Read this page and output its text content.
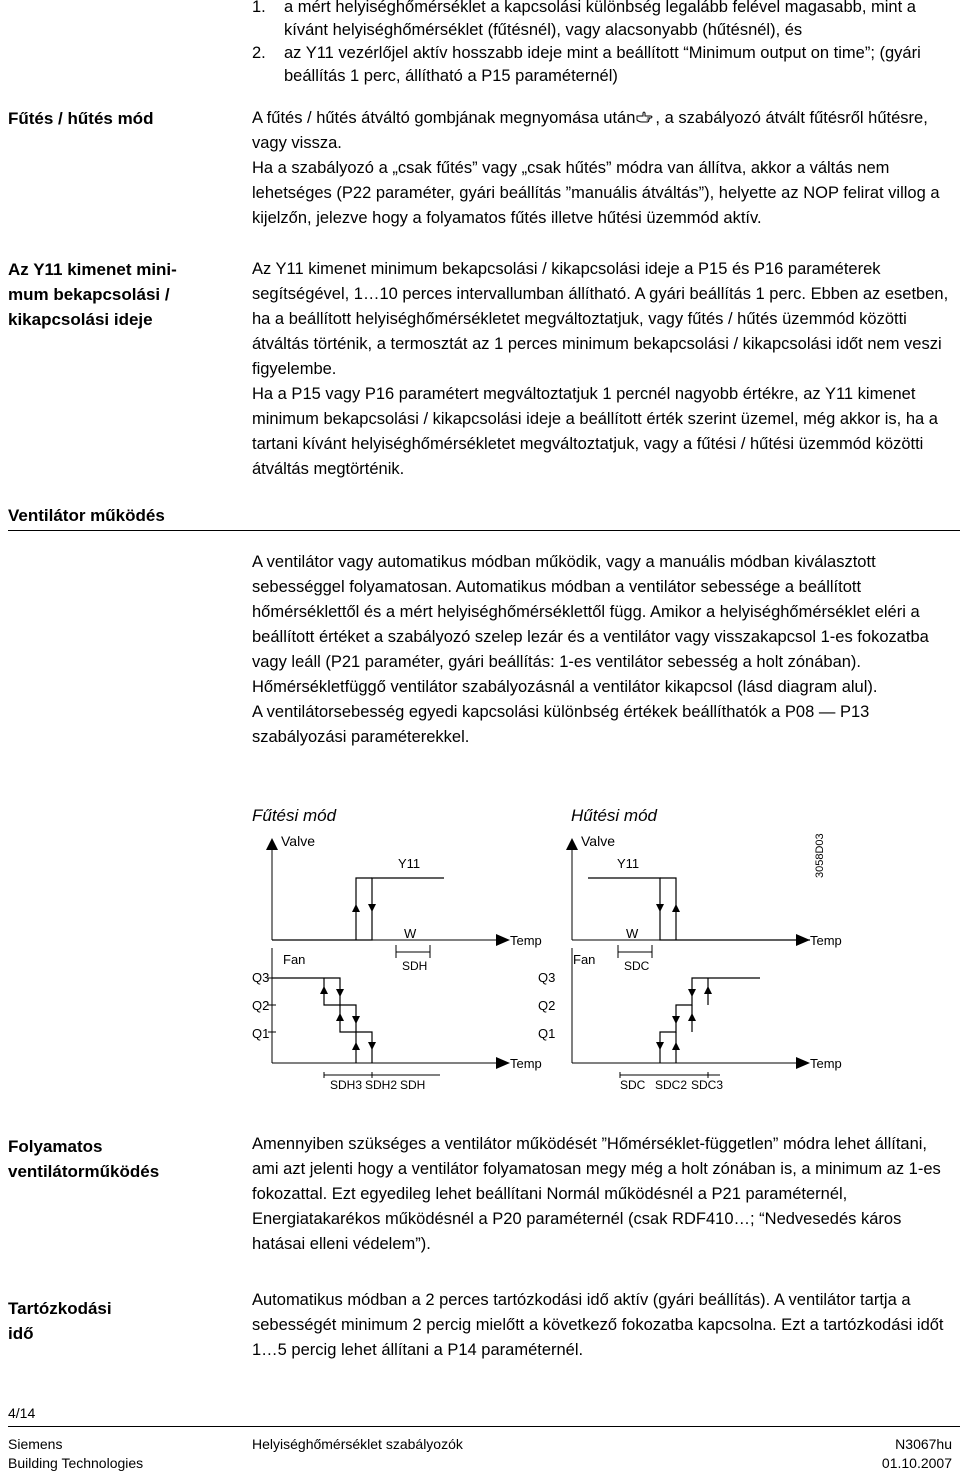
1. a mért helyiséghőmérséklet a kapcsolási különbség legalább felével magasabb, mint a kívánt helyiséghőmérséklet (fűtésnél), vagy alacsonyabb (hűtésnél), és
2. az Y11 vezérlőjel aktív hosszabb ideje mint a beállított “Minimum output on time”; (gyári beállítás 1 perc, állítható a P15 paraméternél)
Fűtés / hűtés mód	A fűtés / hűtés átváltó gombjának megnyomása után , a szabályozó átvált fűtésről hűtésre, vagy vissza.

Ha a szabályozó a „csak fűtés” vagy „csak hűtés” módra van állítva, akkor a váltás nem lehetséges (P22 paraméter, gyári beállítás ”manuális átváltás”), helyette az NOP felirat villog a kijelzőn, jelezve hogy a folyamatos fűtés illetve hűtési üzemmód aktív.

Az Y11 kimenet mini-
mum bekapcsolási /
kikapcsolási ideje

Az Y11 kimenet minimum bekapcsolási / kikapcsolási ideje a P15 és P16 paraméterek segítségével, 1…10 perces intervallumban állítható. A gyári beállítás 1 perc. Ebben az esetben, ha a beállított helyiséghőmérsékletet megváltoztatjuk, vagy fűtés / hűtés üzemmód közötti átváltás történik, a termosztát az 1 perces minimum bekapcsolási / kikapcsolási időt nem veszi figyelembe.

Ha a P15 vagy P16 paramétert megváltoztatjuk 1 percnél nagyobb értékre, az Y11 kimenet minimum bekapcsolási / kikapcsolási ideje a beállított érték szerint üzemel, még akkor is, ha a tartani kívánt helyiséghőmérsékletet megváltoztatjuk, vagy a fűtési / hűtési üzemmód közötti átváltás megtörténik.

Ventilátor működés

A ventilátor vagy automatikus módban működik, vagy a manuális módban kiválasztott sebességgel folyamatosan. Automatikus módban a ventilátor sebessége a beállított hőmérséklettől és a mért helyiséghőmérséklettől függ. Amikor a helyiséghőmérséklet eléri a beállított értéket a szabályozó szelep lezár és a ventilátor vagy visszakapcsol 1-es fokozatba vagy leáll (P21 paraméter, gyári beállítás: 1-es ventilátor sebesség a holt zónában).

Hőmérsékletfüggő ventilátor szabályozásnál a ventilátor kikapcsol (lásd diagram alul).

A ventilátorsebesség egyedi kapcsolási különbség értékek beállíthatók a P08 — P13 szabályozási paraméterekkel.

Fűtési mód	Hűtési mód
Valve
Y11
Temp
W
SDH
Fan
Q3
Q2
Q1
Temp
SDH3 SDH2 SDH
Valve
Y11
Temp
W
SDC
Fan
Q3
Q2
Q1
Temp
SDC SDC2 SDC3
3058D03
Folyamatos
ventilátorműködés

Amennyiben szükséges a ventilátor működését ”Hőmérséklet-független” módra lehet állítani, ami azt jelenti hogy a ventilátor folyamatosan megy még a holt zónában is, a minimum az 1-es fokozattal. Ezt egyedileg lehet beállítani Normál működésnél a P21 paraméternél, Energiatakarékos működésnél a P20 paraméternél (csak RDF410…; “Nedvesedés káros hatásai elleni védelem”).

Tartózkodási
idő

Automatikus módban a 2 perces tartózkodási idő aktív (gyári beállítás). A ventilátor tartja a sebességét minimum 2 percig mielőtt a következő fokozatba kapcsolna. Ezt a tartózkodási időt 1…5 percig lehet állítani a P14 paraméternél.

4/14
Siemens
Building Technologies
Helyiséghőmérséklet szabályozók	N3067hu
01.10.2007
